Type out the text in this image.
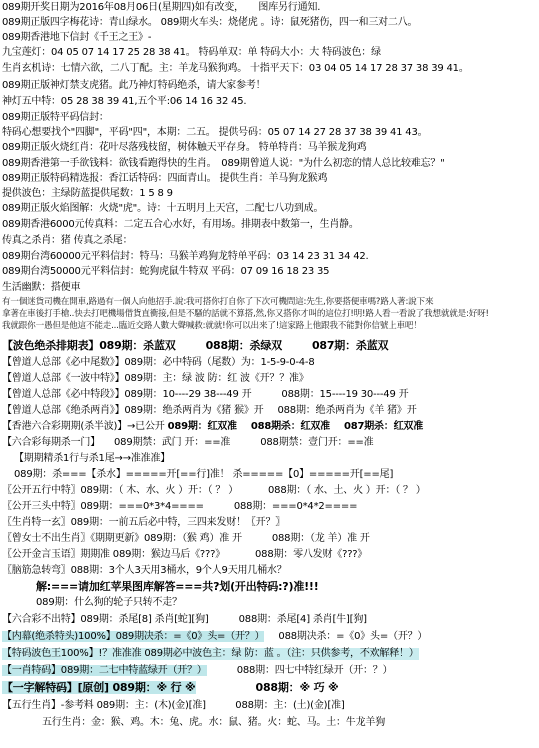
089期开奖日期为2016年08月06日(星期四)如有改变，　　图库另行通知.
089期正版四字梅花诗：青山绿水。 089期火车头：烧佬虎 。诗：鼠死猪伤，四一和三对二八。
089期香港地下信封《千王之王》-
九宝莲灯：04 05 07 14 17 25 28 38 41。 特码单双：单 特码大小：大 特码波色：绿
生肖玄机诗：七情六欲，二八丁配。主：羊龙马猴狗鸡。 十指平天下：03 04 05 14 17 28 37 38 39 41。
089期正版神灯禁支虎猪。此乃神灯特码绝杀，请大家参考！
神灯五中特：05 28 38 39 41,五个平:06 14 16 32 45.
089期正版特平码信封：
特码心想要找个"四脚"，平码"四"，本期：二五。 提供号码：05 07 14 27 28 37 38 39 41 43。
089期正版火烧红肖：花叶尽落残枝留，树体触天平存身。 特单特肖：马羊猴龙狗鸡
089期香港第一手欲钱料：欲钱看跑得快的生肖。　089期曾道人说："为什么初恋的情人总比较难忘？"
089期正版特码精选报：香江话特码：四面青山。 提供生肖：羊马狗龙猴鸡
提供波色：主绿防蓝提供尾数：1 5 8 9
089期正版火焰图解：火烧"虎"。诗：十五明月上天宫，二配七八功到成。
089期香港6000元传真料：二定五合心水好，有用场。排期表中数第一，生肖静。
传真之杀肖：猪 传真之杀尾：
089期台湾60000元平料信封：特马：马猴羊鸡狗龙特单平码：03 14 23 31 34 42.
089期台湾50000元平料信封：蛇狗虎鼠牛特双 平码：07 09 16 18 23 35
生活幽默：搭便車
有一個迷貨司機在開車,路過有一個人向他招手.說:我可搭你打自你了下次可機問這:先生,你要搭便車嗎?路人著:說下來
拿著在車後打手槍..快去打吧機場借貨直衝接,但是不騷的話就不算搭,然,你又搭你才叫的這位打!明!路人看一看說了我想就就是:好呀!
我就跟你一愚但是他這不能走...臨近交路人數大聲喊救:就就!你可以出来了!這家路上他跟我不能對你信號上車吧！
【波色绝杀排期表】089期：杀蓝双	088期：杀绿双	087期：杀蓝双
【曾道人总部《必中尾数》】089期：必中特码（尾数）为：1-5-9-0-4-8
【曾道人总部《一波中特》】089期：主：绿 波 防：红 波《开？？准》
【曾道人总部《必中特段》】089期：10----29 38---49 开	088期：15----19 30---49 开
【曾道人总部《绝杀两肖》】089期：绝杀两肖为《猪 猴》开 088期：绝杀两肖为《羊 猪》开
【香港六合彩期期(杀半波)】→已公开 089期：红双准 088期杀：红双准 087期杀：红双准
【六合彩每期杀一门】 089期禁：武门 开：==准	088期禁：壹门开：==准
【期期精杀1行与杀1尾→→准准准】
089期：杀===【杀水】=====开[==行]准！ 杀=====【0】=====开[==尾]
〖公开五行中特〗089期：（ 木、水、火 ）开：（ ？ ）	088期：（ 水、土、火 ）开：（ ？ ）
〖公开三头中特〗089期：===0*3*4====	088期：===0*4*2====
〖生肖特一玄〗089期：一前五后必中特，三四来发财！〖开？〗
〖曾女士不出生肖〗《期期更新》089期：（猴 鸡）准 开	088期：（龙 羊）准 开
〖公开金言玉语〗期期准 089期：猴边马后《???》	088期：零八发财《???》
〖脑筋急转弯〗088期：3个人3天用3桶水，9个人9天用几桶水？
解:===请加红苹果图库解答===共?划(开出特码:?)准!!!
089期：什么狗的轮子只转不走？
【六合彩不出特】089期：杀尾[8] 杀肖[蛇][狗]	088期：杀尾[4] 杀肖[牛][狗]
【内幕(绝杀特头)100%】089期决杀：=《0》头=（开？） 088期决杀：=《0》头=（开？）
【特码波色王100%】!？准准准 089期必中波色主：绿 防：蓝 。（注：只供参考，不欢解释！）
【一肖特码】089期：二七中特蓝绿开（开？）	088期：四七中特红绿开（开：？）
【一字解特码】[原创] 089期：※ 行 ※	088期：※ 巧 ※
【五行生肖】-参考料 089期：主：(木)(金)[准]　　　088期：主：(土)(金)[准]
五行生肖：金：猴、鸡。木：兔、虎。水：鼠、猪。火：蛇、马。土：牛龙羊狗
